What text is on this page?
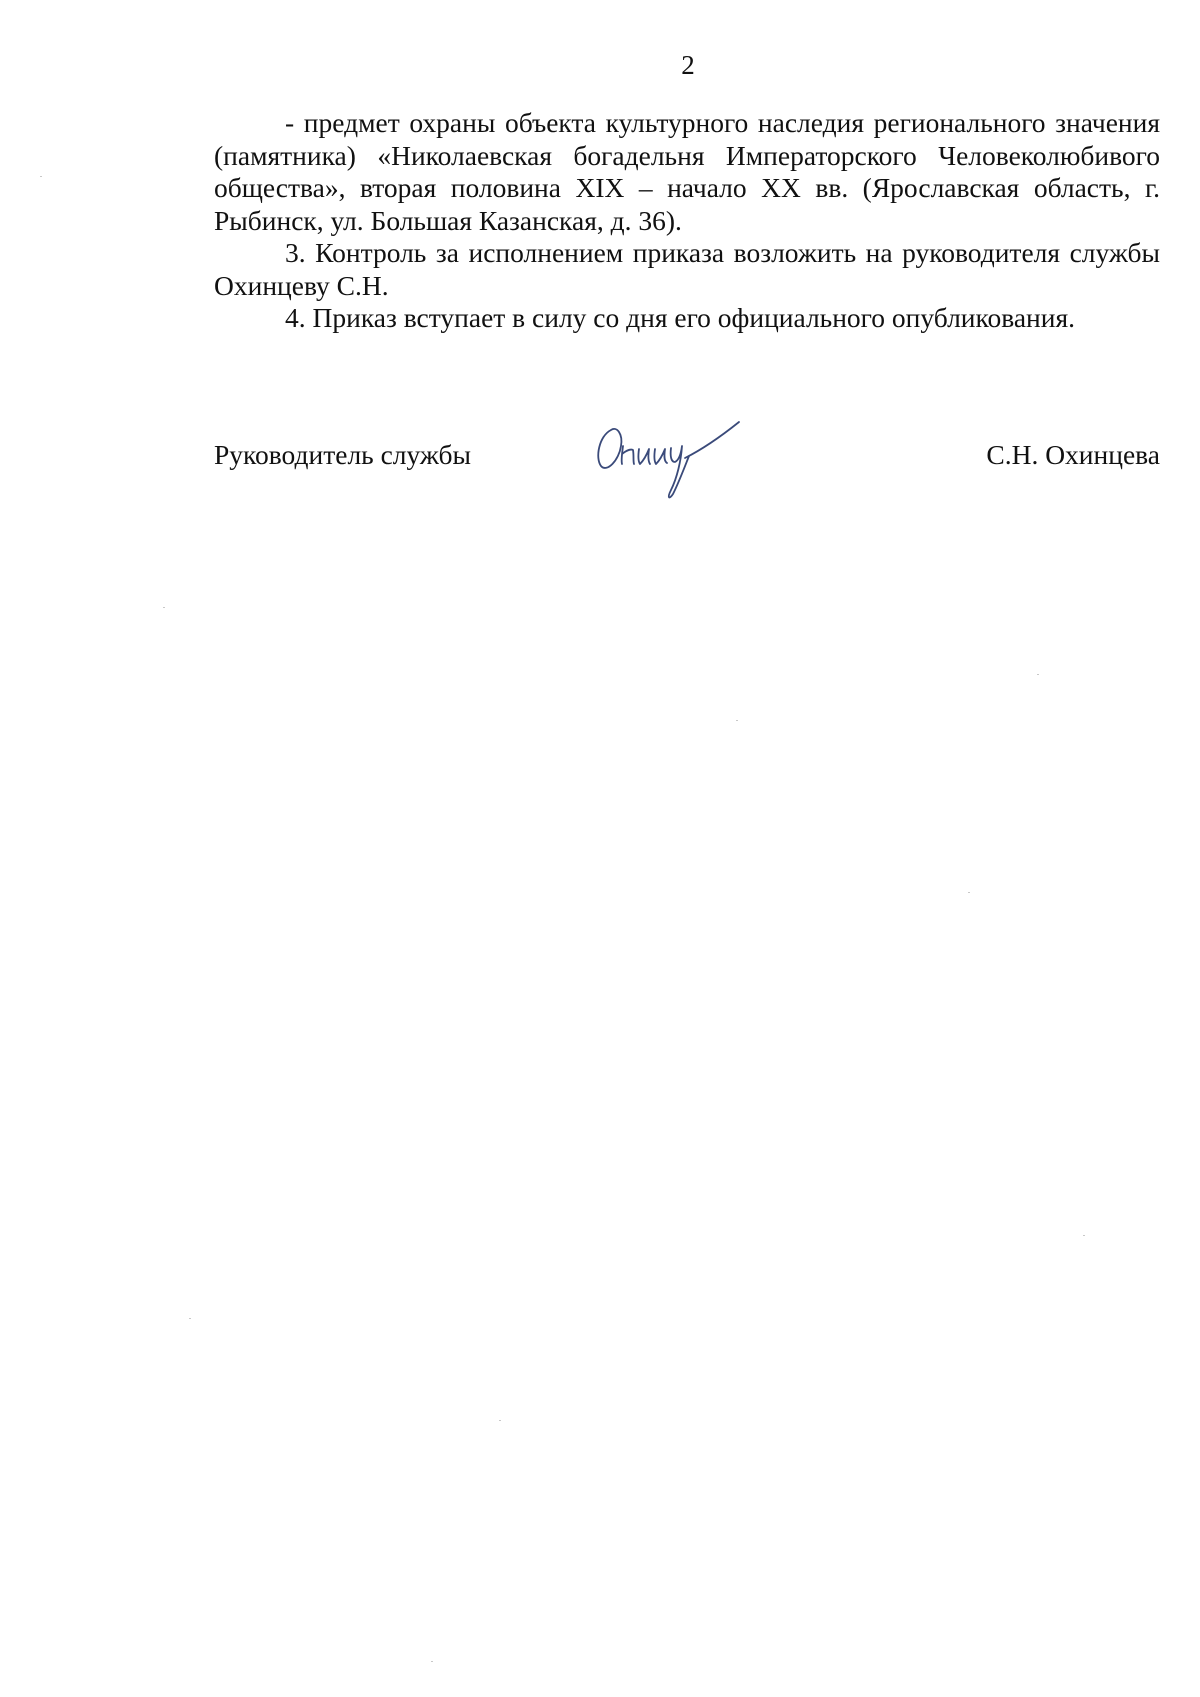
2

- предмет охраны объекта культурного наследия регионального значения (памятника) «Николаевская богадельня Императорского Человеколюбивого общества», вторая половина XIX – начало XX вв. (Ярославская область, г. Рыбинск, ул. Большая Казанская, д. 36).

3. Контроль за исполнением приказа возложить на руководителя службы Охинцеву С.Н.

4. Приказ вступает в силу со дня его официального опубликования.

Руководитель службы	С.Н. Охинцева
